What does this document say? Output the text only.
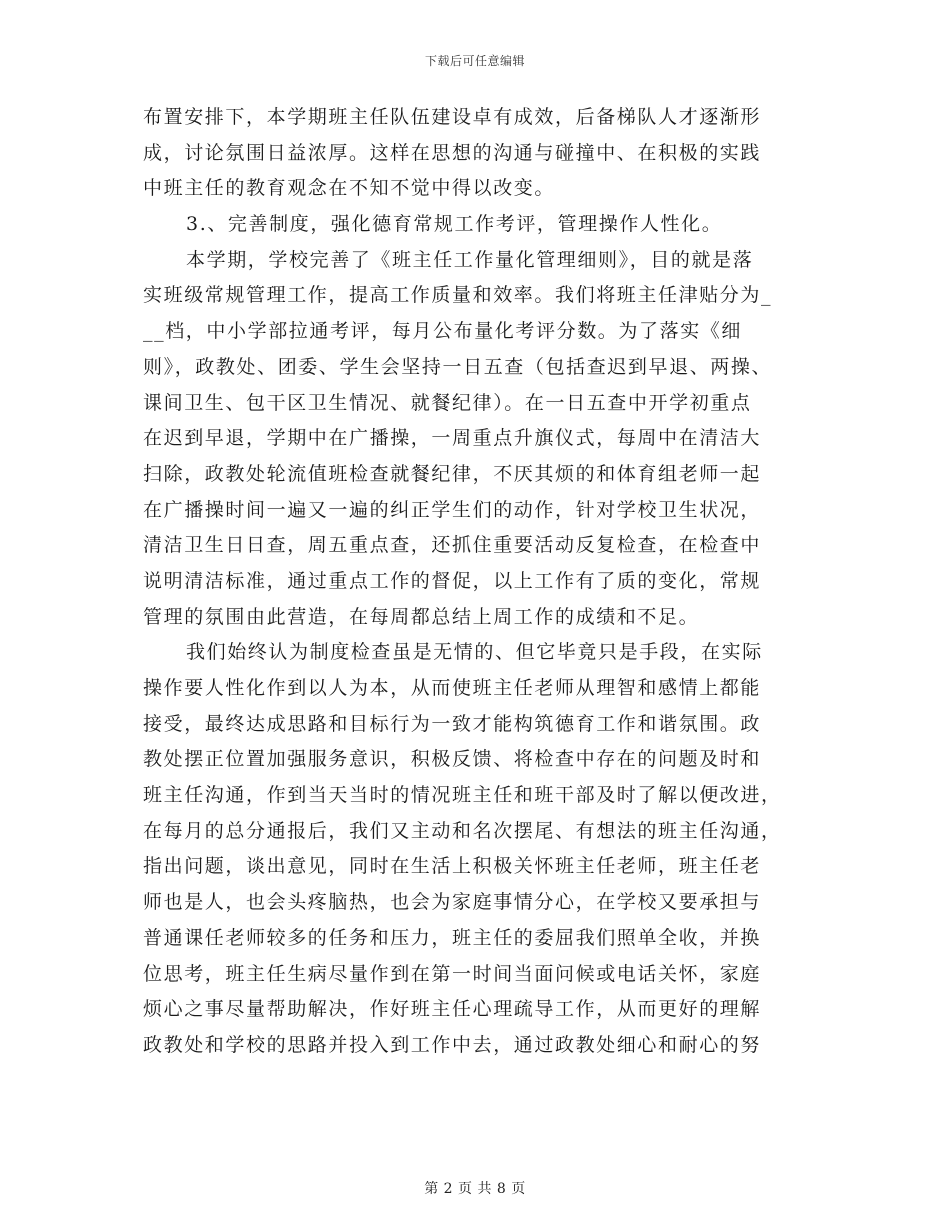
下载后可任意编辑
布置安排下，本学期班主任队伍建设卓有成效，后备梯队人才逐渐形
成，讨论氛围日益浓厚。这样在思想的沟通与碰撞中、在积极的实践
中班主任的教育观念在不知不觉中得以改变。
3.、完善制度，强化德育常规工作考评，管理操作人性化。
本学期，学校完善了《班主任工作量化管理细则》，目的就是落
实班级常规管理工作，提高工作质量和效率。我们将班主任津贴分为_
__档，中小学部拉通考评，每月公布量化考评分数。为了落实《细
则》，政教处、团委、学生会坚持一日五查（包括查迟到早退、两操、
课间卫生、包干区卫生情况、就餐纪律）。在一日五查中开学初重点
在迟到早退，学期中在广播操，一周重点升旗仪式，每周中在清洁大
扫除，政教处轮流值班检查就餐纪律，不厌其烦的和体育组老师一起
在广播操时间一遍又一遍的纠正学生们的动作，针对学校卫生状况，
清洁卫生日日查，周五重点查，还抓住重要活动反复检查，在检查中
说明清洁标准，通过重点工作的督促，以上工作有了质的变化，常规
管理的氛围由此营造，在每周都总结上周工作的成绩和不足。
我们始终认为制度检查虽是无情的、但它毕竟只是手段，在实际
操作要人性化作到以人为本，从而使班主任老师从理智和感情上都能
接受，最终达成思路和目标行为一致才能构筑德育工作和谐氛围。政
教处摆正位置加强服务意识，积极反馈、将检查中存在的问题及时和
班主任沟通，作到当天当时的情况班主任和班干部及时了解以便改进，
在每月的总分通报后，我们又主动和名次摆尾、有想法的班主任沟通，
指出问题，谈出意见，同时在生活上积极关怀班主任老师，班主任老
师也是人，也会头疼脑热，也会为家庭事情分心，在学校又要承担与
普通课任老师较多的任务和压力，班主任的委屈我们照单全收，并换
位思考，班主任生病尽量作到在第一时间当面问候或电话关怀，家庭
烦心之事尽量帮助解决，作好班主任心理疏导工作，从而更好的理解
政教处和学校的思路并投入到工作中去，通过政教处细心和耐心的努
第 2 页 共 8 页
